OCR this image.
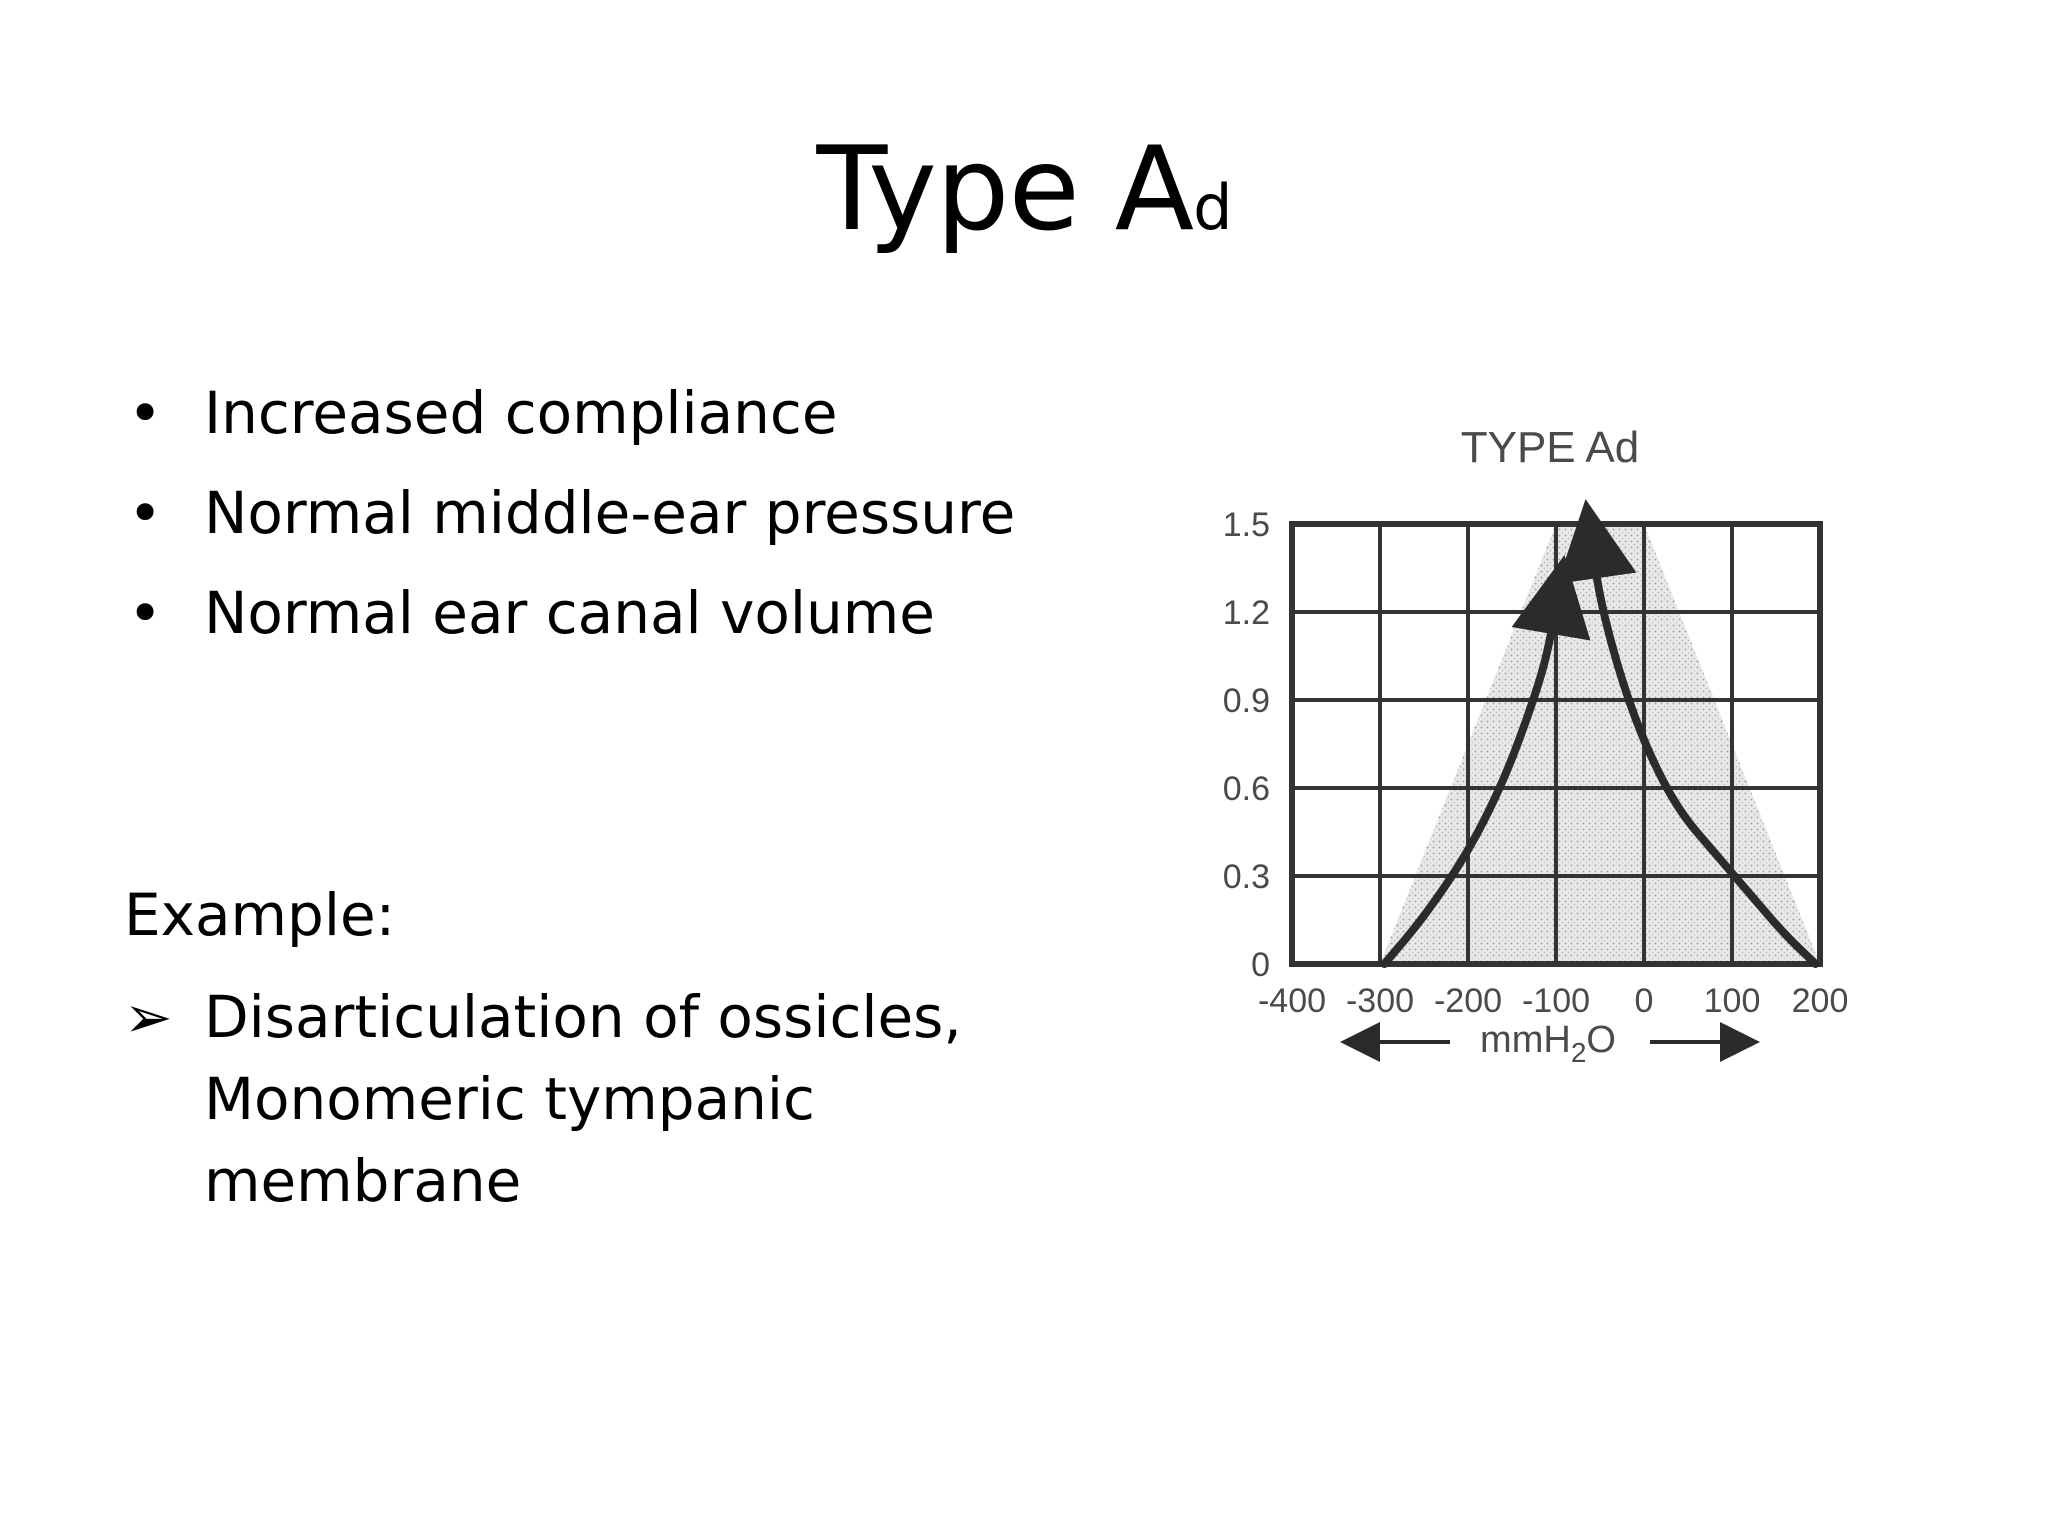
Type Ad
• Increased compliance
• Normal middle-ear pressure
• Normal ear canal volume
Example:
➢ Disarticulation of ossicles, Monomeric tympanic membrane
TYPE Ad
0
0.3
0.6
0.9
1.2
1.5
-400 -300 -200 -100 0 100 200
mmH$_2$O
